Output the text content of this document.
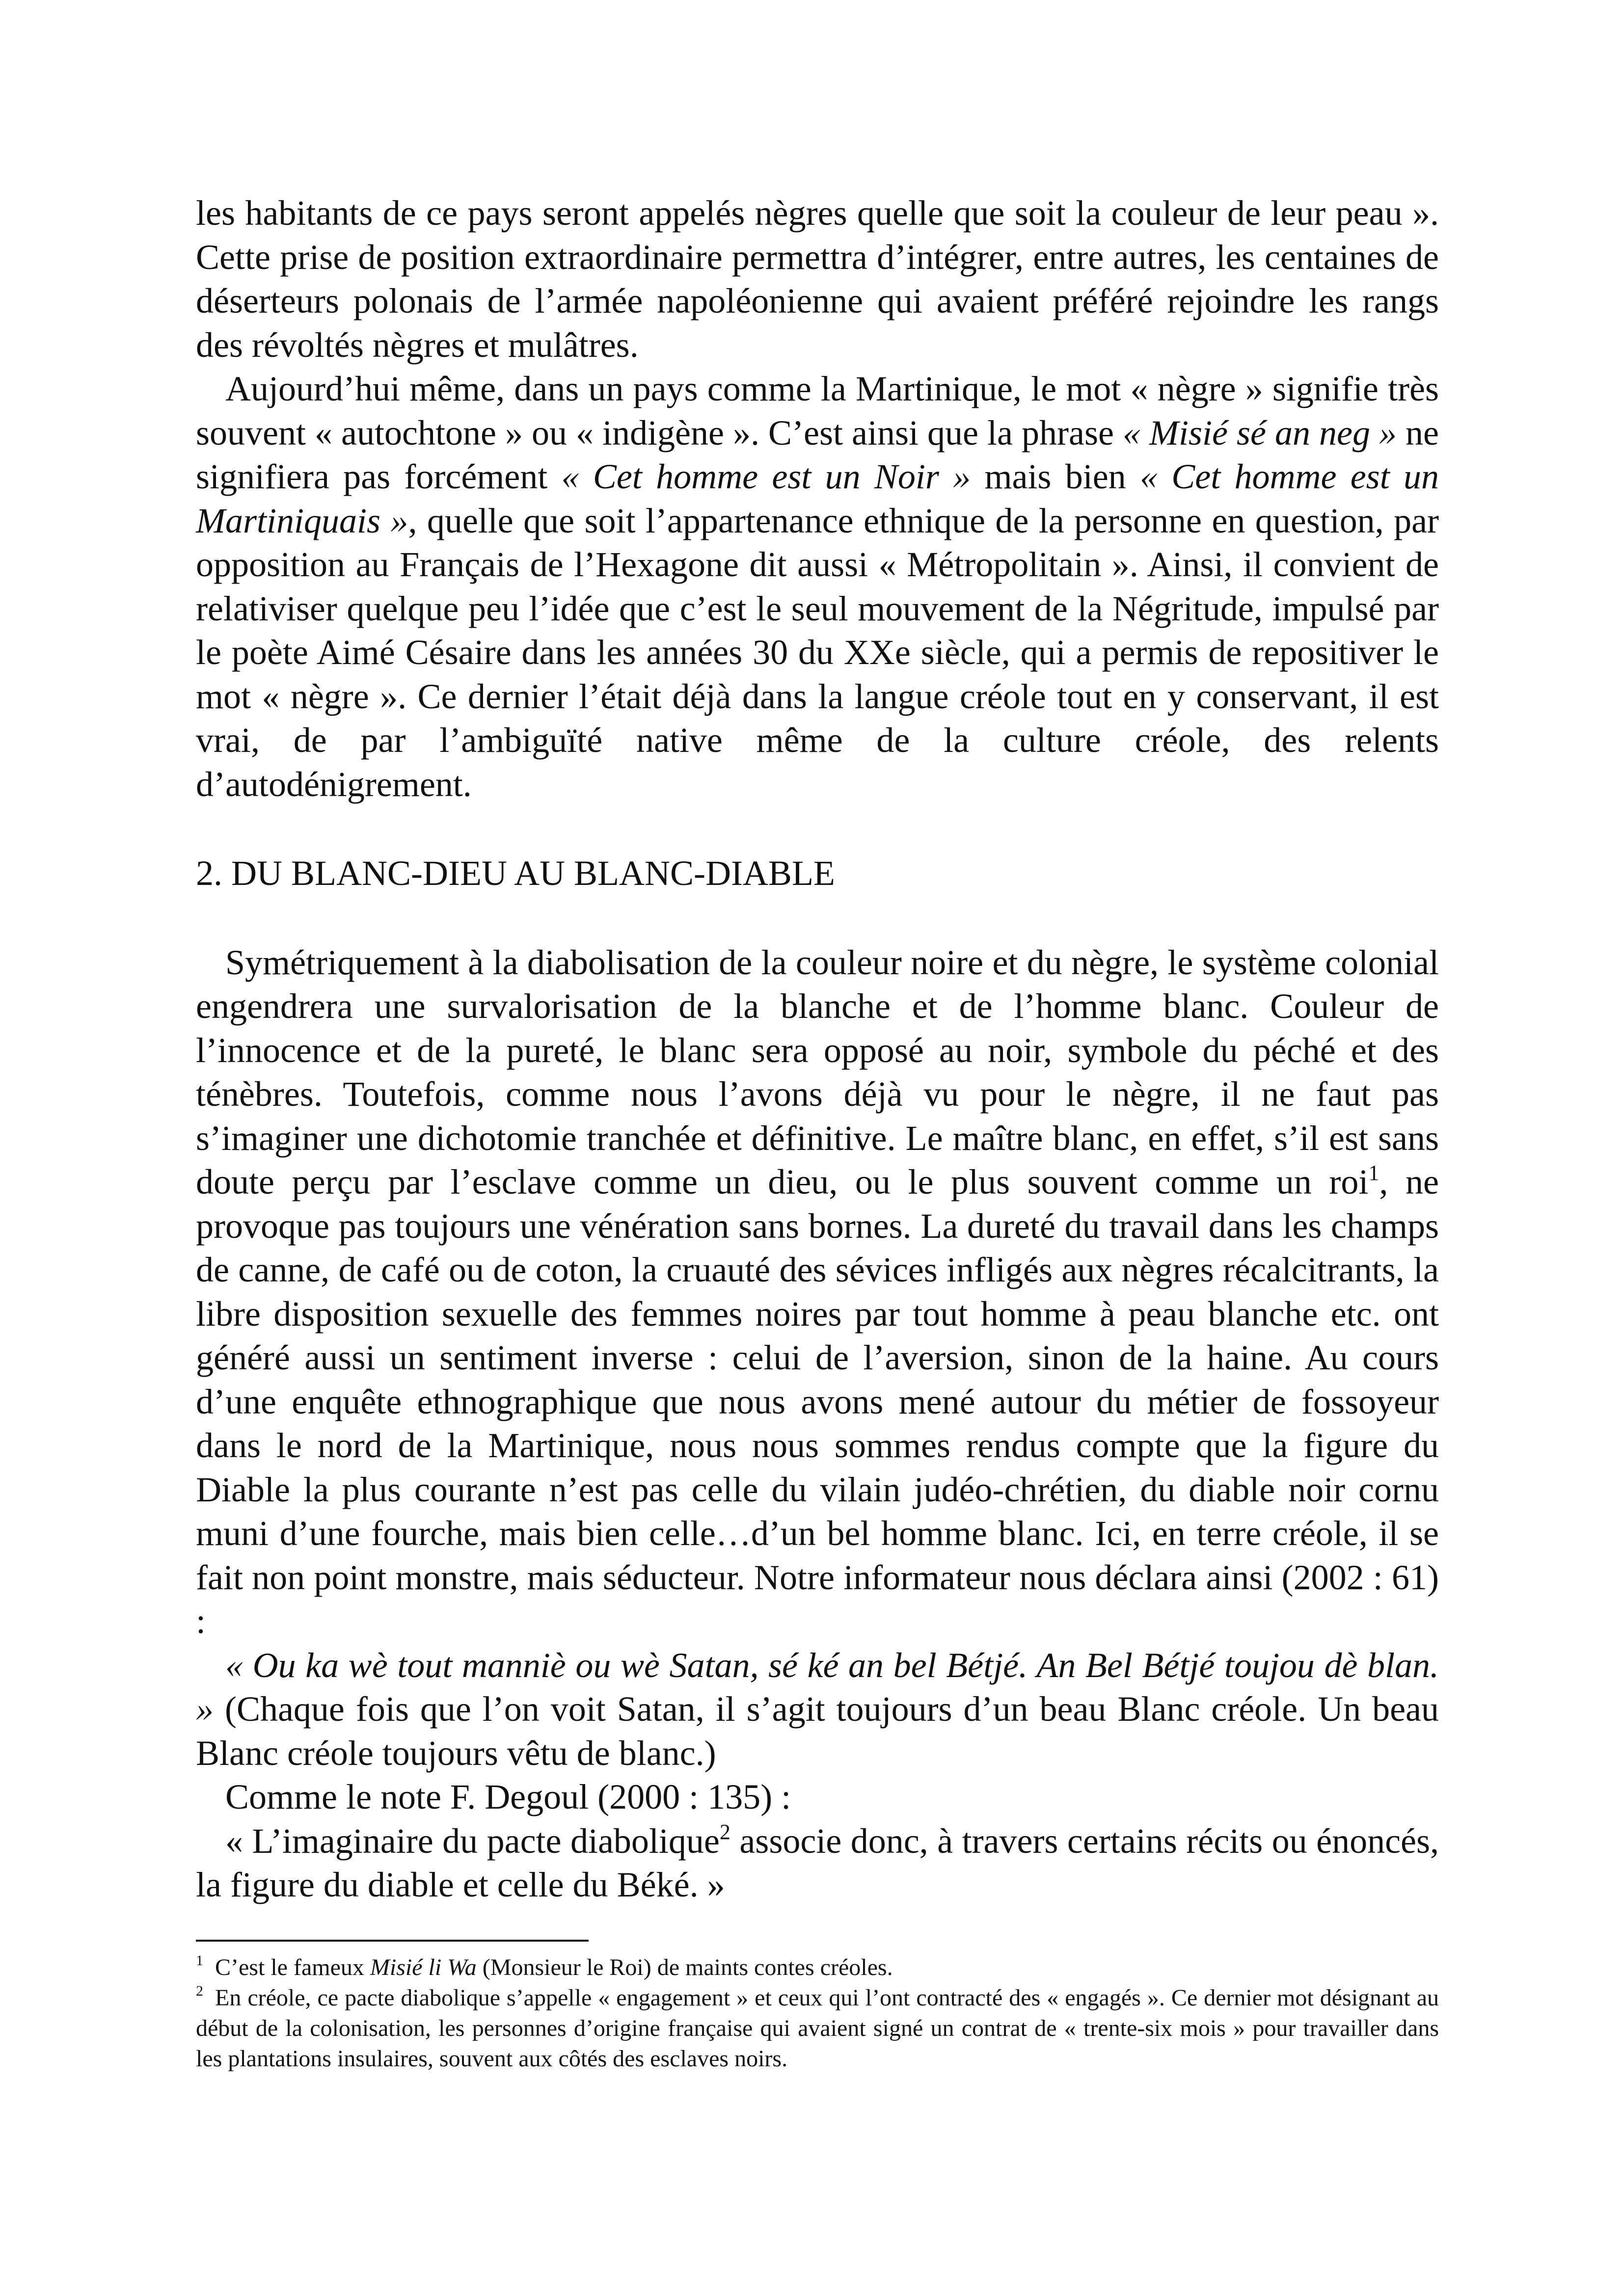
les habitants de ce pays seront appelés nègres quelle que soit la couleur de leur peau ». Cette prise de position extraordinaire permettra d’intégrer, entre autres, les centaines de déserteurs polonais de l’armée napoléonienne qui avaient préféré rejoindre les rangs des révoltés nègres et mulâtres.

Aujourd’hui même, dans un pays comme la Martinique, le mot « nègre » signifie très souvent « autochtone » ou « indigène ». C’est ainsi que la phrase « Misié sé an neg » ne signifiera pas forcément « Cet homme est un Noir » mais bien « Cet homme est un Martiniquais », quelle que soit l’appartenance ethnique de la personne en question, par opposition au Français de l’Hexagone dit aussi « Métropolitain ». Ainsi, il convient de relativiser quelque peu l’idée que c’est le seul mouvement de la Négritude, impulsé par le poète Aimé Césaire dans les années 30 du XXe siècle, qui a permis de repositiver le mot « nègre ». Ce dernier l’était déjà dans la langue créole tout en y conservant, il est vrai, de par l’ambiguïté native même de la culture créole, des relents d’autodénigrement.

2. DU BLANC-DIEU AU BLANC-DIABLE

Symétriquement à la diabolisation de la couleur noire et du nègre, le système colonial engendrera une survalorisation de la blanche et de l’homme blanc. Couleur de l’innocence et de la pureté, le blanc sera opposé au noir, symbole du péché et des ténèbres. Toutefois, comme nous l’avons déjà vu pour le nègre, il ne faut pas s’imaginer une dichotomie tranchée et définitive. Le maître blanc, en effet, s’il est sans doute perçu par l’esclave comme un dieu, ou le plus souvent comme un roi$^1$, ne provoque pas toujours une vénération sans bornes. La dureté du travail dans les champs de canne, de café ou de coton, la cruauté des sévices infligés aux nègres récalcitrants, la libre disposition sexuelle des femmes noires par tout homme à peau blanche etc. ont généré aussi un sentiment inverse : celui de l’aversion, sinon de la haine. Au cours d’une enquête ethnographique que nous avons mené autour du métier de fossoyeur dans le nord de la Martinique, nous nous sommes rendus compte que la figure du Diable la plus courante n’est pas celle du vilain judéo-chrétien, du diable noir cornu muni d’une fourche, mais bien celle…d’un bel homme blanc. Ici, en terre créole, il se fait non point monstre, mais séducteur. Notre informateur nous déclara ainsi (2002 : 61) :

« Ou ka wè tout manniè ou wè Satan, sé ké an bel Bétjé. An Bel Bétjé toujou dè blan. » (Chaque fois que l’on voit Satan, il s’agit toujours d’un beau Blanc créole. Un beau Blanc créole toujours vêtu de blanc.)

Comme le note F. Degoul (2000 : 135) :

« L’imaginaire du pacte diabolique$^2$ associe donc, à travers certains récits ou énoncés, la figure du diable et celle du Béké. »

$^1$ C’est le fameux Misié li Wa (Monsieur le Roi) de maints contes créoles.

$^2$ En créole, ce pacte diabolique s’appelle « engagement » et ceux qui l’ont contracté des « engagés ». Ce dernier mot désignant au début de la colonisation, les personnes d’origine française qui avaient signé un contrat de « trente-six mois » pour travailler dans les plantations insulaires, souvent aux côtés des esclaves noirs.
